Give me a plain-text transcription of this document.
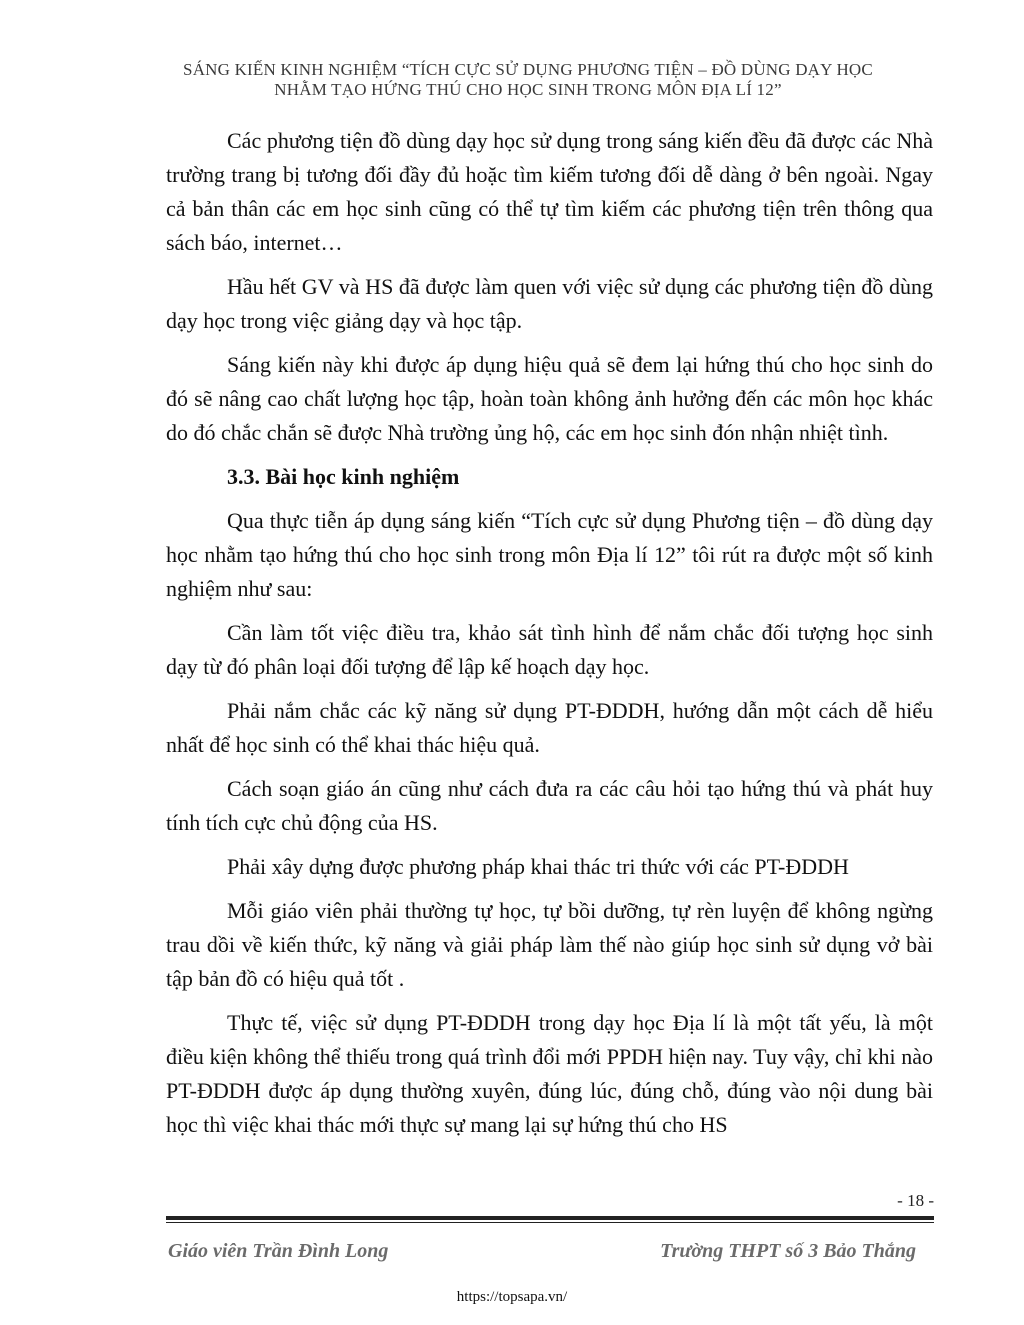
SÁNG KIẾN KINH NGHIỆM “TÍCH CỰC SỬ DỤNG PHƯƠNG TIỆN – ĐỒ DÙNG DẠY HỌC
NHẰM TẠO HỨNG THÚ CHO HỌC SINH TRONG MÔN ĐỊA LÍ 12”

Các phương tiện đồ dùng dạy học sử dụng trong sáng kiến đều đã được các Nhà trường trang bị tương đối đầy đủ hoặc tìm kiếm tương đối dễ dàng ở bên ngoài. Ngay cả bản thân các em học sinh cũng có thể tự tìm kiếm các phương tiện trên thông qua sách báo, internet…

Hầu hết GV và HS đã được làm quen với việc sử dụng các phương tiện đồ dùng dạy học trong việc giảng dạy và học tập.

Sáng kiến này khi được áp dụng hiệu quả sẽ đem lại hứng thú cho học sinh do đó sẽ nâng cao chất lượng học tập, hoàn toàn không ảnh hưởng đến các môn học khác do đó chắc chắn sẽ được Nhà trường ủng hộ, các em học sinh đón nhận nhiệt tình.

3.3. Bài học kinh nghiệm

Qua thực tiễn áp dụng sáng kiến “Tích cực sử dụng Phương tiện – đồ dùng dạy học nhằm tạo hứng thú cho học sinh trong môn Địa lí 12” tôi rút ra được một số kinh nghiệm như sau:

Cần làm tốt việc điều tra, khảo sát tình hình để nắm chắc đối tượng học sinh dạy từ đó phân loại đối tượng để lập kế hoạch dạy học.

Phải nắm chắc các kỹ năng sử dụng PT-ĐDDH, hướng dẫn một cách dễ hiểu nhất để học sinh có thể khai thác hiệu quả.

Cách soạn giáo án cũng như cách đưa ra các câu hỏi tạo hứng thú và phát huy tính tích cực chủ động của HS.

Phải xây dựng được phương pháp khai thác tri thức với các PT-ĐDDH

Mỗi giáo viên phải thường tự học, tự bồi dưỡng, tự rèn luyện để không ngừng trau dồi về kiến thức, kỹ năng và giải pháp làm thế nào giúp học sinh sử dụng vở bài tập bản đồ có hiệu quả tốt .

Thực tế, việc sử dụng PT-ĐDDH trong dạy học Địa lí là một tất yếu, là một điều kiện không thể thiếu trong quá trình đổi mới PPDH hiện nay. Tuy vậy, chỉ khi nào PT-ĐDDH được áp dụng thường xuyên, đúng lúc, đúng chỗ, đúng vào nội dung bài học thì việc khai thác mới thực sự mang lại sự hứng thú cho HS

- 18 -
Giáo viên Trần Đình Long	Trường THPT số 3 Bảo Thắng
https://topsapa.vn/
